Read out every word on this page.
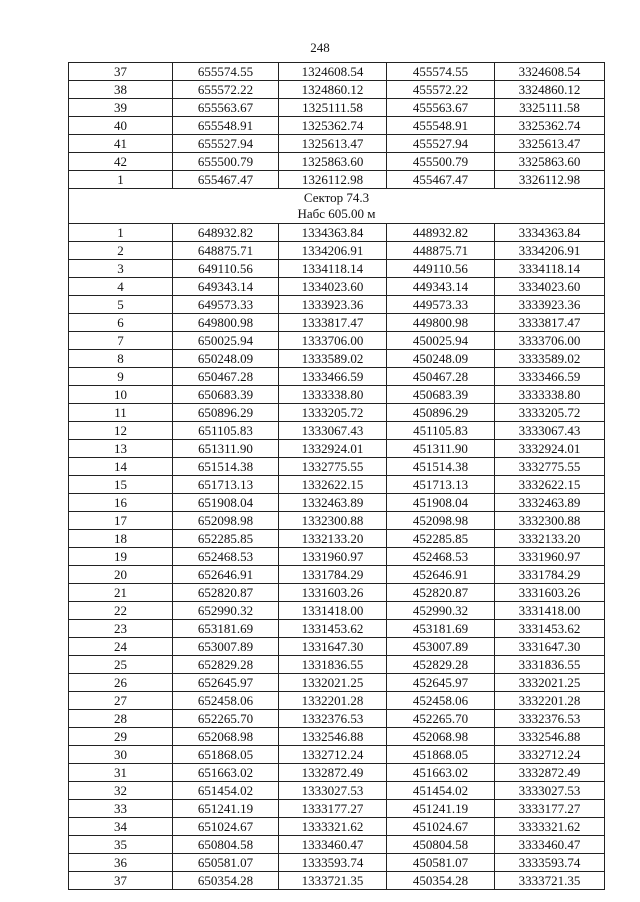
248
37	655574.55	1324608.54	455574.55	3324608.54
38	655572.22	1324860.12	455572.22	3324860.12
39	655563.67	1325111.58	455563.67	3325111.58
40	655548.91	1325362.74	455548.91	3325362.74
41	655527.94	1325613.47	455527.94	3325613.47
42	655500.79	1325863.60	455500.79	3325863.60
1	655467.47	1326112.98	455467.47	3326112.98

Сектор 74.3
Набс 605.00 м				

1	648932.82	1334363.84	448932.82	3334363.84
2	648875.71	1334206.91	448875.71	3334206.91
3	649110.56	1334118.14	449110.56	3334118.14
4	649343.14	1334023.60	449343.14	3334023.60
5	649573.33	1333923.36	449573.33	3333923.36
6	649800.98	1333817.47	449800.98	3333817.47
7	650025.94	1333706.00	450025.94	3333706.00
8	650248.09	1333589.02	450248.09	3333589.02
9	650467.28	1333466.59	450467.28	3333466.59
10	650683.39	1333338.80	450683.39	3333338.80
11	650896.29	1333205.72	450896.29	3333205.72
12	651105.83	1333067.43	451105.83	3333067.43
13	651311.90	1332924.01	451311.90	3332924.01
14	651514.38	1332775.55	451514.38	3332775.55
15	651713.13	1332622.15	451713.13	3332622.15
16	651908.04	1332463.89	451908.04	3332463.89
17	652098.98	1332300.88	452098.98	3332300.88
18	652285.85	1332133.20	452285.85	3332133.20
19	652468.53	1331960.97	452468.53	3331960.97
20	652646.91	1331784.29	452646.91	3331784.29
21	652820.87	1331603.26	452820.87	3331603.26
22	652990.32	1331418.00	452990.32	3331418.00
23	653181.69	1331453.62	453181.69	3331453.62
24	653007.89	1331647.30	453007.89	3331647.30
25	652829.28	1331836.55	452829.28	3331836.55
26	652645.97	1332021.25	452645.97	3332021.25
27	652458.06	1332201.28	452458.06	3332201.28
28	652265.70	1332376.53	452265.70	3332376.53
29	652068.98	1332546.88	452068.98	3332546.88
30	651868.05	1332712.24	451868.05	3332712.24
31	651663.02	1332872.49	451663.02	3332872.49
32	651454.02	1333027.53	451454.02	3333027.53
33	651241.19	1333177.27	451241.19	3333177.27
34	651024.67	1333321.62	451024.67	3333321.62
35	650804.58	1333460.47	450804.58	3333460.47
36	650581.07	1333593.74	450581.07	3333593.74
37	650354.28	1333721.35	450354.28	3333721.35
